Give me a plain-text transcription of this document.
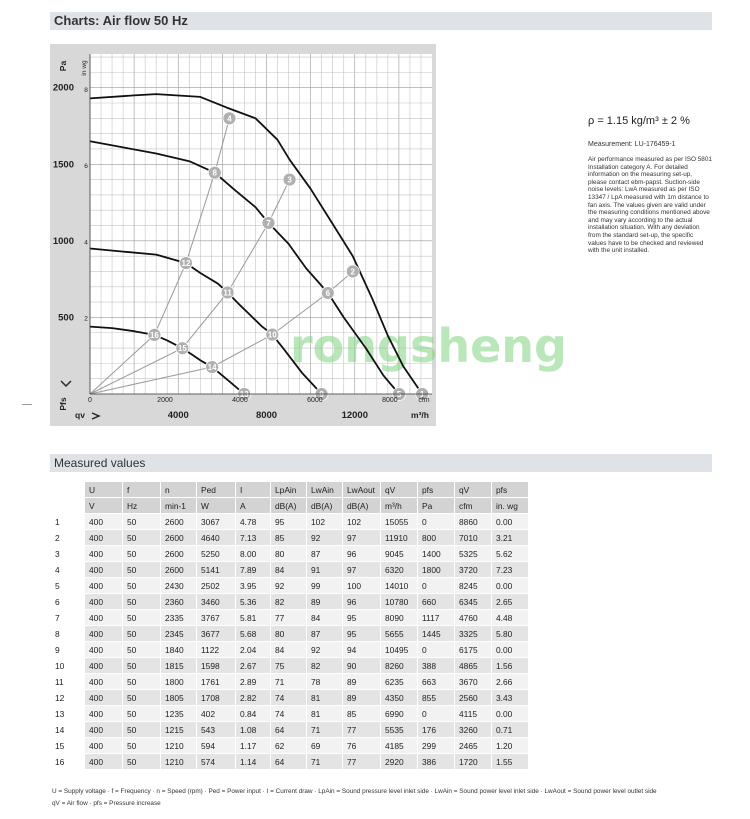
Charts: Air flow 50 Hz
rongsheng
1
2
3
4
5
6
7
8
9
10
11
12
13
14
15
16
500
1000
1500
2000
2
4
6
8
Pa in wg
Pfs	0	2000	4000	6000	8000	cfm
4000	8000	12000	m³/h
qv
ρ = 1.15 kg/m³ ± 2 %
Measurement: LU-176459-1
Air performance measured as per ISO 5801 Installation category A. For detailed information on the measuring set-up, please contact ebm-papst. Suction-side noise levels: LwA measured as per ISO 13347 / LpA measured with 1m distance to fan axis. The values given are valid under the measuring conditions mentioned above and may vary according to the actual installation situation. With any deviation from the standard set-up, the specific values have to be checked and reviewed with the unit installed.
Measured values
	U	f	n	Ped	I	LpAin	LwAin	LwAout	qV	pfs	qV	pfs
	V	Hz	min-1	W	A	dB(A)	dB(A)	dB(A)	m³/h	Pa	cfm	in. wg
1	400	50	2600	3067	4.78	95	102	102	15055	0	8860	0.00
2	400	50	2600	4640	7.13	85	92	97	11910	800	7010	3.21
3	400	50	2600	5250	8.00	80	87	96	9045	1400	5325	5.62
4	400	50	2600	5141	7.89	84	91	97	6320	1800	3720	7.23
5	400	50	2430	2502	3.95	92	99	100	14010	0	8245	0.00
6	400	50	2360	3460	5.36	82	89	96	10780	660	6345	2.65
7	400	50	2335	3767	5.81	77	84	95	8090	1117	4760	4.48
8	400	50	2345	3677	5.68	80	87	95	5655	1445	3325	5.80
9	400	50	1840	1122	2.04	84	92	94	10495	0	6175	0.00
10	400	50	1815	1598	2.67	75	82	90	8260	388	4865	1.56
11	400	50	1800	1761	2.89	71	78	89	6235	663	3670	2.66
12	400	50	1805	1708	2.82	74	81	89	4350	855	2560	3.43
13	400	50	1235	402	0.84	74	81	85	6990	0	4115	0.00
14	400	50	1215	543	1.08	64	71	77	5535	176	3260	0.71
15	400	50	1210	594	1.17	62	69	76	4185	299	2465	1.20
16	400	50	1210	574	1.14	64	71	77	2920	386	1720	1.55
U = Supply voltage · f = Frequency · n = Speed (rpm) · Ped = Power input · I = Current draw · LpAin = Sound pressure level inlet side · LwAin = Sound power level inlet side · LwAout = Sound power level outlet side
qV = Air flow · pfs = Pressure increase
